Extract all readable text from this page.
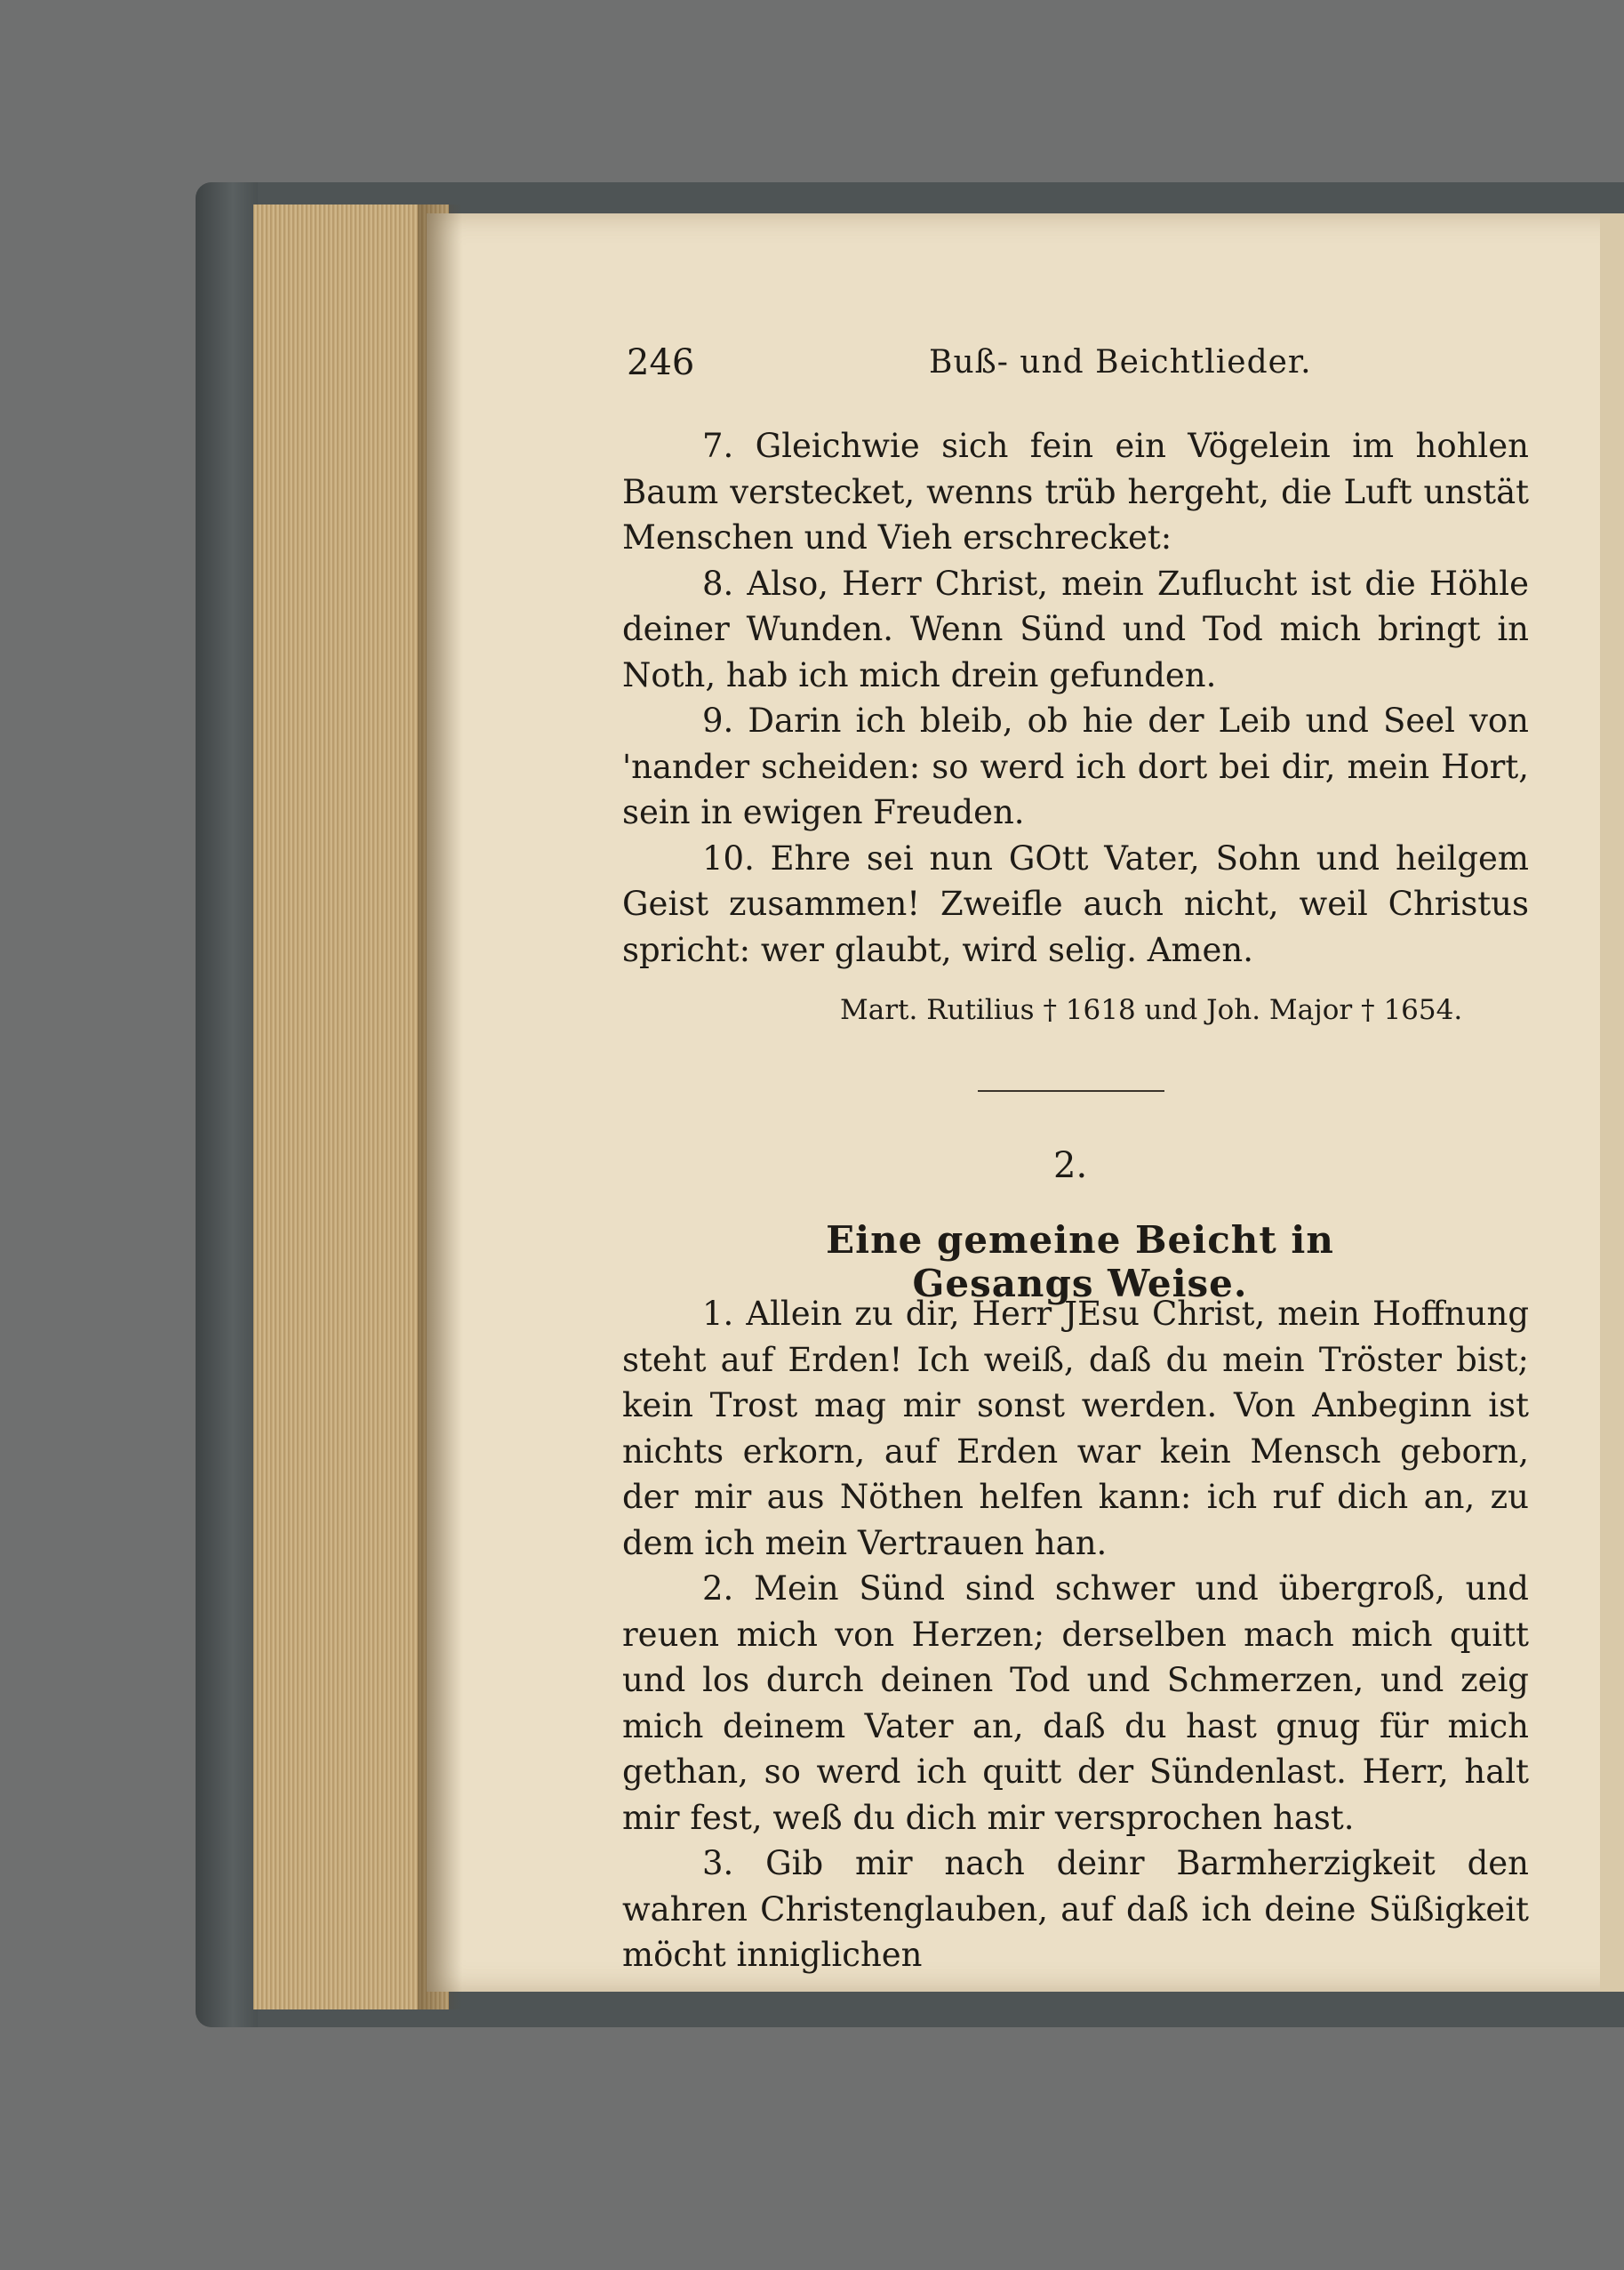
246	Buß- und Beichtlieder.

7. Gleichwie sich fein ein Vögelein im hohlen Baum verstecket, wenns trüb hergeht, die Luft unstät Menschen und Vieh erschrecket:

8. Also, Herr Christ, mein Zuflucht ist die Höhle deiner Wunden. Wenn Sünd und Tod mich bringt in Noth, hab ich mich drein gefunden.

9. Darin ich bleib, ob hie der Leib und Seel von 'nander scheiden: so werd ich dort bei dir, mein Hort, sein in ewigen Freuden.

10. Ehre sei nun GOtt Vater, Sohn und heilgem Geist zusammen! Zweifle auch nicht, weil Christus spricht: wer glaubt, wird selig. Amen.

Mart. Rutilius † 1618 und Joh. Major † 1654.
2.
Eine gemeine Beicht in Gesangs Weise.

1. Allein zu dir, Herr JEsu Christ, mein Hoffnung steht auf Erden! Ich weiß, daß du mein Tröster bist; kein Trost mag mir sonst werden. Von Anbeginn ist nichts erkorn, auf Erden war kein Mensch geborn, der mir aus Nöthen helfen kann: ich ruf dich an, zu dem ich mein Vertrauen han.

2. Mein Sünd sind schwer und übergroß, und reuen mich von Herzen; derselben mach mich quitt und los durch deinen Tod und Schmerzen, und zeig mich deinem Vater an, daß du hast gnug für mich gethan, so werd ich quitt der Sündenlast. Herr, halt mir fest, weß du dich mir versprochen hast.

3. Gib mir nach deinr Barmherzigkeit den wahren Christenglauben, auf daß ich deine Süßigkeit möcht inniglichen
